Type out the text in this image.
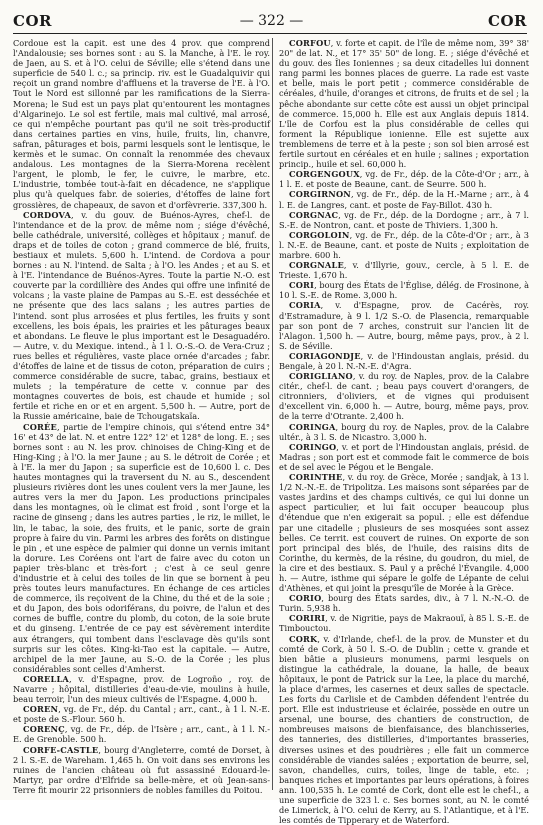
COR	— 322 —	COR

Cordoue est la capit. est une des 4 prov. que comprend l'Andalousie; ses bornes sont : au S. la Manche, à l'E. le roy. de Jaen, au S. et à l'O. celui de Séville; elle s'étend dans une superficie de 540 l. c.; sa princip. riv. est le Guadalquivir qui reçoit un grand nombre d'affluens et la traverse de l'E. à l'O. Tout le Nord est sillonné par les ramifications de la Sierra-Morena; le Sud est un pays plat qu'entourent les montagnes d'Algarinejo. Le sol est fertile, mais mal cultivé, mal arrosé, ce qui n'empêche pourtant pas qu'il ne soit très-productif dans certaines parties en vins, huile, fruits, lin, chanvre, safran, pâturages et bois, parmi lesquels sont le lentisque, le kermès et le sumac. On connaît la renommée des chevaux andalous. Les montagnes de la Sierra-Morena recèlent l'argent, le plomb, le fer, le cuivre, le marbre, etc. L'industrie, tombée tout-à-fait en décadence, ne s'applique plus qu'à quelques fabr. de soieries, d'étoffes de laine fort grossières, de chapeaux, de savon et d'orfèvrerie. 337,300 h.

CORDOVA, v. du gouv. de Buénos-Ayres, chef-l. de l'intendance et de la prov. de même nom ; siége d'évêché, belle cathédrale, université, collèges et hôpitaux ; manuf. de draps et de toiles de coton ; grand commerce de blé, fruits, bestiaux et mulets. 5,600 h. L'intend. de Cordova a pour bornes : au N. l'intend. de Salta ; à l'O. les Andes ; et au S. et à l'E. l'intendance de Buénos-Ayres. Toute la partie N.-O. est couverte par la cordillière des Andes qui offre une infinité de volcans ; la vaste plaine de Pampas au S.-E. est desséchée et ne présente que des lacs salans ; les autres parties de l'intend. sont plus arrosées et plus fertiles, les fruits y sont excellens, les bois épais, les prairies et les pâturages beaux et abondans. Le fleuve le plus important est le Desaguadéro. — Autre, v. du Mexique. intend., à 1 l. O.-S.-O. de Vera-Cruz ; rues belles et régulières, vaste place ornée d'arcades ; fabr. d'étoffes de laine et de tissus de coton, préparation de cuirs ; commerce considérable de sucre, tabac, grains, bestiaux et mulets ; la température de cette v. connue par des montagnes couvertes de bois, est chaude et humide ; sol fertile et riche en or et en argent. 5,500 h. — Autre, port de la Russie américaine, baie de Tchougatskaïa.

CORÉE, partie de l'empire chinois, qui s'étend entre 34° 16' et 43° de lat. N. et entre 122° 12' et 128° de long. E. ; ses bornes sont : au N. les prov. chinoises de Ching-King et de Hing-King ; à l'O. la mer Jaune ; au S. le détroit de Corée ; et à l'E. la mer du Japon ; sa superficie est de 10,600 l. c. Des hautes montagnes qui la traversent du N. au S., descendent plusieurs rivières dont les unes coulent vers la mer Jaune, les autres vers la mer du Japon. Les productions principales dans les montagnes, où le climat est froid , sont l'orge et la racine de ginseng ; dans les autres parties , le riz, le millet, le lin, le tabac, la soie, des fruits, et le panic, sorte de grain propre à faire du vin. Parmi les arbres des forêts on distingue le pin , et une espèce de palmier qui donne un vernis imitant la dorure. Les Coréens ont l'art de faire avec du coton un papier très-blanc et très-fort ; c'est à ce seul genre d'industrie et à celui des toiles de lin que se bornent à peu près toutes leurs manufactures. En échange de ces articles de commerce, ils reçoivent de la Chine, du thé et de la soie ; et du Japon, des bois odoriférans, du poivre, de l'alun et des cornes de buffle, contre du plomb, du coton, de la soie brute et du ginseng. L'entrée de ce pay est sévèrement interdite aux étrangers, qui tombent dans l'esclavage dès qu'ils sont surpris sur les côtes. King-ki-Tao est la capitale. — Autre, archipel de la mer Jaune, au S.-O. de la Corée ; les plus considérables sont celles d'Amherst.

CORELLA, v. d'Espagne, prov. de Logroño , roy. de Navarre ; hôpital, distilleries d'eau-de-vie, moulins à huile, beau terroir, l'un des mieux cultivés de l'Espagne. 4,000 h.

COREN, vg. de Fr., dép. du Cantal ; arr., cant., à 1 l. N.-E. et poste de S.-Flour. 560 h.

CORENÇ, vg. de Fr., dép. de l'Isère ; arr., cant., à 1 l. N.-E. de Grenoble. 500 h.

CORFE-CASTLE, bourg d'Angleterre, comté de Dorset, à 2 l. S.-E. de Wareham. 1,465 h. On voit dans ses environs les ruines de l'ancien château où fut assassiné Edouard-le-Martyr, par ordre d'Elfride sa belle-mère, et où Jean-sans-Terre fit mourir 22 prisonniers de nobles familles du Poitou.

CORFOU, v. forte et capit. de l'île de même nom, 39° 38' 20" de lat. N., et 17° 35' 50" de long. E. ; siége d'évêché et du gouv. des Îles Ioniennes ; sa deux citadelles lui donnent rang parmi les bonnes places de guerre. La rade est vaste et belle, mais le port petit ; commerce considérable de céréales, d'huile, d'oranges et citrons, de fruits et de sel ; la pêche abondante sur cette côte est aussi un objet principal de commerce. 15,000 h. Elle est aux Anglais depuis 1814. L'île de Corfou est la plus considérable de celles qui forment la République ionienne. Elle est sujette aux tremblemens de terre et à la peste ; son sol bien arrosé est fertile surtout en céréales et en huile ; salines ; exportation princip., huile et sel. 60,000 h.

CORGENGOUX, vg. de Fr., dép. de la Côte-d'Or ; arr., à 1 l. E. et poste de Beaune, cant. de Seurre. 500 h.

CORGIRNON, vg. de Fr., dép. de la H.-Marne ; arr., à 4 l. E. de Langres, cant. et poste de Fay-Billot. 430 h.

CORGNAC, vg. de Fr., dép. de la Dordogne ; arr., à 7 l. S.-E. de Nontron, cant. et poste de Thiviers. 1,300 h.

CORGOLOIN, vg. de Fr., dép. de la Côte-d'Or ; arr., à 3 l. N.-E. de Beaune, cant. et poste de Nuits ; exploitation de marbre. 600 h.

CORGNALE, v. d'Illyrie, gouv., cercle, à 5 l. E. de Trieste. 1,670 h.

CORI, bourg des États de l'Église, délég. de Frosinone, à 10 l. S.-E. de Rome. 3,000 h.

CORIA, v. d'Espagne, prov. de Cacérès, roy. d'Estramadure, à 9 l. 1/2 S.-O. de Plasencia, remarquable par son pont de 7 arches, construit sur l'ancien lit de l'Alagon. 1,500 h. — Autre, bourg, même pays, prov., à 2 l. S. de Séville.

CORIAGONDJE, v. de l'Hindoustan anglais, présid. du Bengale, à 20 l. N.-N.-E. d'Agra.

CORIGLIANO, v. du roy. de Naples, prov. de la Calabre citér., chef-l. de cant. ; beau pays couvert d'orangers, de citronniers, d'oliviers, et de vignes qui produisent d'excellent vin. 6,000 h. — Autre, bourg, même pays, prov. de la terre d'Otrante. 2,400 h.

CORINGA, bourg du roy. de Naples, prov. de la Calabre ultér., à 3 l. S. de Nicastro. 3,000 h.

CORINGO, v. et port de l'Hindoustan anglais, présid. de Madras ; son port est et commode fait le commerce de bois et de sel avec le Pégou et le Bengale.

CORINTHE, v. du roy. de Grèce, Morée ; sandjak, à 13 l. 1/2 N.-N.-E. de Tripolitza. Les maisons sont séparées par de vastes jardins et des champs cultivés, ce qui lui donne un aspect particulier, et lui fait occuper beaucoup plus d'étendue que n'en exigerait sa popul. ; elle est défendue par une citadelle ; plusieurs de ses mosquées sont assez belles. Ce territ. est couvert de ruines. On exporte de son port principal des blés, de l'huile, des raisins dits de Corinthe, du kermès, de la résine, du goudron, du miel, de la cire et des bestiaux. S. Paul y a prêché l'Évangile. 4,000 h. — Autre, isthme qui sépare le golfe de Lépante de celui d'Athènes, et qui joint la presqu'île de Morée à la Grèce.

CORIO, bourg des États sardes, div., à 7 l. N.-N.-O. de Turin. 5,938 h.

CORIRI, v. de Nigritie, pays de Makraouï, à 85 l. S.-E. de Timbouctou.

CORK, v. d'Irlande, chef-l. de la prov. de Munster et du comté de Cork, à 50 l. S.-O. de Dublin ; cette v. grande et bien bâtie a plusieurs monumens, parmi lesquels on distingue la cathédrale, la douane, la halle, de beaux hôpitaux, le pont de Patrick sur la Lee, la place du marché, la place d'armes, les casernes et deux salles de spectacle. Les forts du Carlisle et de Cambden défendent l'entrée du port. Elle est industrieuse et éclairée, possède en outre un arsenal, une bourse, des chantiers de construction, de nombreuses maisons de bienfaisance, des blanchisseries, des tanneries, des distilleries, d'importantes brasseries, diverses usines et des poudrières ; elle fait un commerce considérable de viandes salées ; exportation de beurre, sel, savon, chandelles, cuirs, toiles, linge de table, etc. ; banques riches et importantes par leurs opérations, à foires ann. 100,535 h. Le comté de Cork, dont elle est le chef-l., a une superficie de 323 l. c. Ses bornes sont, au N. le comté de Limerick, à l'O. celui de Kerry, au S. l'Atlantique, et à l'E. les comtés de Tipperary et de Waterford.
